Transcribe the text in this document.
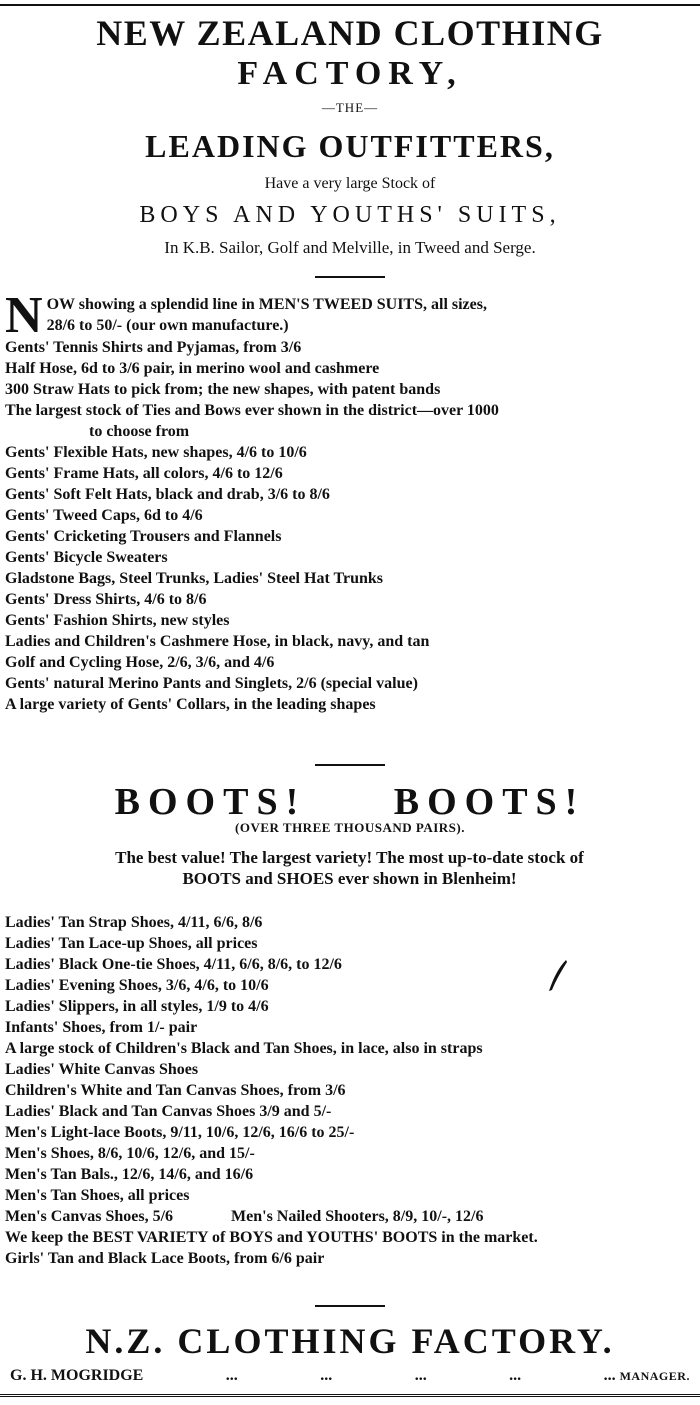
NEW ZEALAND CLOTHING
FACTORY,
—THE—
LEADING OUTFITTERS,
Have a very large Stock of
BOYS AND YOUTHS' SUITS,
In K.B. Sailor, Golf and Melville, in Tweed and Serge.
N OW showing a splendid line in MEN'S TWEED SUITS, all sizes,
28/6 to 50/- (our own manufacture.)
Gents' Tennis Shirts and Pyjamas, from 3/6
Half Hose, 6d to 3/6 pair, in merino wool and cashmere
300 Straw Hats to pick from; the new shapes, with patent bands
The largest stock of Ties and Bows ever shown in the district—over 1000
to choose from
Gents' Flexible Hats, new shapes, 4/6 to 10/6
Gents' Frame Hats, all colors, 4/6 to 12/6
Gents' Soft Felt Hats, black and drab, 3/6 to 8/6
Gents' Tweed Caps, 6d to 4/6
Gents' Cricketing Trousers and Flannels
Gents' Bicycle Sweaters
Gladstone Bags, Steel Trunks, Ladies' Steel Hat Trunks
Gents' Dress Shirts, 4/6 to 8/6
Gents' Fashion Shirts, new styles
Ladies and Children's Cashmere Hose, in black, navy, and tan
Golf and Cycling Hose, 2/6, 3/6, and 4/6
Gents' natural Merino Pants and Singlets, 2/6 (special value)
A large variety of Gents' Collars, in the leading shapes
BOOTS! BOOTS!
(OVER THREE THOUSAND PAIRS).
The best value! The largest variety! The most up-to-date stock of
BOOTS and SHOES ever shown in Blenheim!
Ladies' Tan Strap Shoes, 4/11, 6/6, 8/6
Ladies' Tan Lace-up Shoes, all prices
Ladies' Black One-tie Shoes, 4/11, 6/6, 8/6, to 12/6
Ladies' Evening Shoes, 3/6, 4/6, to 10/6
Ladies' Slippers, in all styles, 1/9 to 4/6
Infants' Shoes, from 1/- pair
A large stock of Children's Black and Tan Shoes, in lace, also in straps
Ladies' White Canvas Shoes
Children's White and Tan Canvas Shoes, from 3/6
Ladies' Black and Tan Canvas Shoes 3/9 and 5/-
Men's Light-lace Boots, 9/11, 10/6, 12/6, 16/6 to 25/-
Men's Shoes, 8/6, 10/6, 12/6, and 15/-
Men's Tan Bals., 12/6, 14/6, and 16/6
Men's Tan Shoes, all prices
Men's Canvas Shoes, 5/6	Men's Nailed Shooters, 8/9, 10/-, 12/6
We keep the BEST VARIETY of BOYS and YOUTHS' BOOTS in the market.
Girls' Tan and Black Lace Boots, from 6/6 pair
N.Z. CLOTHING FACTORY.
G. H. MOGRIDGE	...	...	...	...	... MANAGER.
